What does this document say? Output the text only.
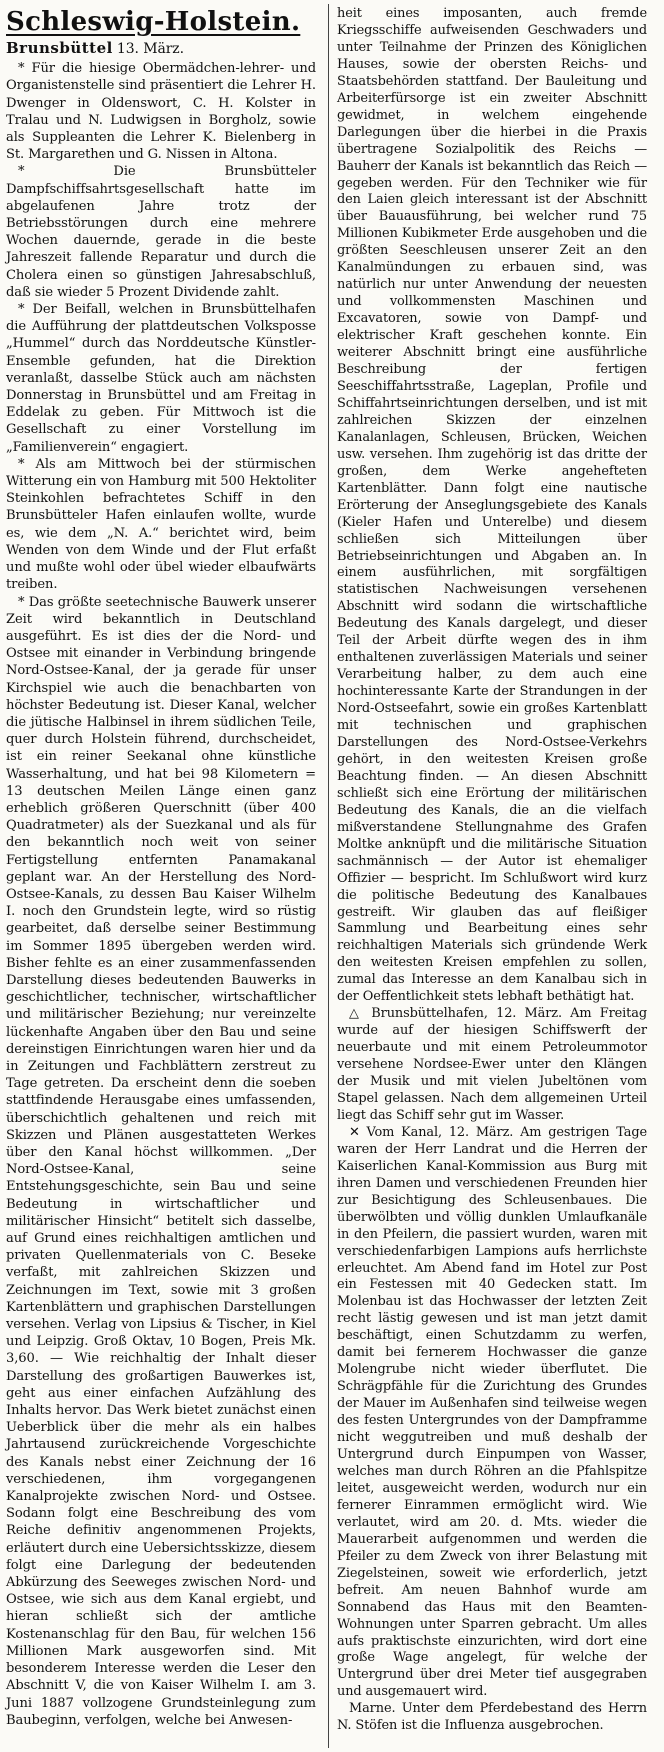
Schleswig-Holstein.
Brunsbüttel 13. März.

* Für die hiesige Obermädchen-lehrer- und Organistenstelle sind präsentiert die Lehrer H. Dwenger in Oldenswort, C. H. Kolster in Tralau und N. Ludwigsen in Borgholz, sowie als Suppleanten die Lehrer K. Bielenberg in St. Margarethen und G. Nissen in Altona.

* Die Brunsbütteler Dampfschiffsahrtsgesellschaft hatte im abgelaufenen Jahre trotz der Betriebsstörungen durch eine mehrere Wochen dauernde, gerade in die beste Jahreszeit fallende Reparatur und durch die Cholera einen so günstigen Jahresabschluß, daß sie wieder 5 Prozent Dividende zahlt.

* Der Beifall, welchen in Brunsbüttelhafen die Aufführung der plattdeutschen Volksposse „Hummel“ durch das Norddeutsche Künstler-Ensemble gefunden, hat die Direktion veranlaßt, dasselbe Stück auch am nächsten Donnerstag in Brunsbüttel und am Freitag in Eddelak zu geben. Für Mittwoch ist die Gesellschaft zu einer Vorstellung im „Familienverein“ engagiert.

* Als am Mittwoch bei der stürmischen Witterung ein von Hamburg mit 500 Hektoliter Steinkohlen befrachtetes Schiff in den Brunsbütteler Hafen einlaufen wollte, wurde es, wie dem „N. A.“ berichtet wird, beim Wenden von dem Winde und der Flut erfaßt und mußte wohl oder übel wieder elbaufwärts treiben.

* Das größte seetechnische Bauwerk unserer Zeit wird bekanntlich in Deutschland ausgeführt. Es ist dies der die Nord- und Ostsee mit einander in Verbindung bringende Nord-Ostsee-Kanal, der ja gerade für unser Kirchspiel wie auch die benachbarten von höchster Bedeutung ist. Dieser Kanal, welcher die jütische Halbinsel in ihrem südlichen Teile, quer durch Holstein führend, durchscheidet, ist ein reiner Seekanal ohne künstliche Wasserhaltung, und hat bei 98 Kilometern = 13 deutschen Meilen Länge einen ganz erheblich größeren Querschnitt (über 400 Quadratmeter) als der Suezkanal und als für den bekanntlich noch weit von seiner Fertigstellung entfernten Panamakanal geplant war. An der Herstellung des Nord-Ostsee-Kanals, zu dessen Bau Kaiser Wilhelm I. noch den Grundstein legte, wird so rüstig gearbeitet, daß derselbe seiner Bestimmung im Sommer 1895 übergeben werden wird. Bisher fehlte es an einer zusammenfassenden Darstellung dieses bedeutenden Bauwerks in geschichtlicher, technischer, wirtschaftlicher und militärischer Beziehung; nur vereinzelte lückenhafte Angaben über den Bau und seine dereinstigen Einrichtungen waren hier und da in Zeitungen und Fachblättern zerstreut zu Tage getreten. Da erscheint denn die soeben stattfindende Herausgabe eines umfassenden, überschichtlich gehaltenen und reich mit Skizzen und Plänen ausgestatteten Werkes über den Kanal höchst willkommen. „Der Nord-Ostsee-Kanal, seine Entstehungsgeschichte, sein Bau und seine Bedeutung in wirtschaftlicher und militärischer Hinsicht“ betitelt sich dasselbe, auf Grund eines reichhaltigen amtlichen und privaten Quellenmaterials von C. Beseke verfaßt, mit zahlreichen Skizzen und Zeichnungen im Text, sowie mit 3 großen Kartenblättern und graphischen Darstellungen versehen. Verlag von Lipsius & Tischer, in Kiel und Leipzig. Groß Oktav, 10 Bogen, Preis Mk. 3,60. — Wie reichhaltig der Inhalt dieser Darstellung des großartigen Bauwerkes ist, geht aus einer einfachen Aufzählung des Inhalts hervor. Das Werk bietet zunächst einen Ueberblick über die mehr als ein halbes Jahrtausend zurückreichende Vorgeschichte des Kanals nebst einer Zeichnung der 16 verschiedenen, ihm vorgegangenen Kanalprojekte zwischen Nord- und Ostsee. Sodann folgt eine Beschreibung des vom Reiche definitiv angenommenen Projekts, erläutert durch eine Uebersichtsskizze, diesem folgt eine Darlegung der bedeutenden Abkürzung des Seeweges zwischen Nord- und Ostsee, wie sich aus dem Kanal ergiebt, und hieran schließt sich der amtliche Kostenanschlag für den Bau, für welchen 156 Millionen Mark ausgeworfen sind. Mit besonderem Interesse werden die Leser den Abschnitt V, die von Kaiser Wilhelm I. am 3. Juni 1887 vollzogene Grundsteinlegung zum Baubeginn, verfolgen, welche bei Anwesen-

heit eines imposanten, auch fremde Kriegsschiffe aufweisenden Geschwaders und unter Teilnahme der Prinzen des Königlichen Hauses, sowie der obersten Reichs- und Staatsbehörden stattfand. Der Bauleitung und Arbeiterfürsorge ist ein zweiter Abschnitt gewidmet, in welchem eingehende Darlegungen über die hierbei in die Praxis übertragene Sozialpolitik des Reichs — Bauherr der Kanals ist bekanntlich das Reich — gegeben werden. Für den Techniker wie für den Laien gleich interessant ist der Abschnitt über Bauausführung, bei welcher rund 75 Millionen Kubikmeter Erde ausgehoben und die größten Seeschleusen unserer Zeit an den Kanalmündungen zu erbauen sind, was natürlich nur unter Anwendung der neuesten und vollkommensten Maschinen und Excavatoren, sowie von Dampf- und elektrischer Kraft geschehen konnte. Ein weiterer Abschnitt bringt eine ausführliche Beschreibung der fertigen Seeschiffahrtsstraße, Lageplan, Profile und Schiffahrtseinrichtungen derselben, und ist mit zahlreichen Skizzen der einzelnen Kanalanlagen, Schleusen, Brücken, Weichen usw. versehen. Ihm zugehörig ist das dritte der großen, dem Werke angehefteten Kartenblätter. Dann folgt eine nautische Erörterung der Anseglungsgebiete des Kanals (Kieler Hafen und Unterelbe) und diesem schließen sich Mitteilungen über Betriebseinrichtungen und Abgaben an. In einem ausführlichen, mit sorgfältigen statistischen Nachweisungen versehenen Abschnitt wird sodann die wirtschaftliche Bedeutung des Kanals dargelegt, und dieser Teil der Arbeit dürfte wegen des in ihm enthaltenen zuverlässigen Materials und seiner Verarbeitung halber, zu dem auch eine hochinteressante Karte der Strandungen in der Nord-Ostseefahrt, sowie ein großes Kartenblatt mit technischen und graphischen Darstellungen des Nord-Ostsee-Verkehrs gehört, in den weitesten Kreisen große Beachtung finden. — An diesen Abschnitt schließt sich eine Erörtung der militärischen Bedeutung des Kanals, die an die vielfach mißverstandene Stellungnahme des Grafen Moltke anknüpft und die militärische Situation sachmännisch — der Autor ist ehemaliger Offizier — bespricht. Im Schlußwort wird kurz die politische Bedeutung des Kanalbaues gestreift. Wir glauben das auf fleißiger Sammlung und Bearbeitung eines sehr reichhaltigen Materials sich gründende Werk den weitesten Kreisen empfehlen zu sollen, zumal das Interesse an dem Kanalbau sich in der Oeffentlichkeit stets lebhaft bethätigt hat.

△ Brunsbüttelhafen, 12. März. Am Freitag wurde auf der hiesigen Schiffswerft der neuerbaute und mit einem Petroleummotor versehene Nordsee-Ewer unter den Klängen der Musik und mit vielen Jubeltönen vom Stapel gelassen. Nach dem allgemeinen Urteil liegt das Schiff sehr gut im Wasser.

✕ Vom Kanal, 12. März. Am gestrigen Tage waren der Herr Landrat und die Herren der Kaiserlichen Kanal-Kommission aus Burg mit ihren Damen und verschiedenen Freunden hier zur Besichtigung des Schleusenbaues. Die überwölbten und völlig dunklen Umlaufkanäle in den Pfeilern, die passiert wurden, waren mit verschiedenfarbigen Lampions aufs herrlichste erleuchtet. Am Abend fand im Hotel zur Post ein Festessen mit 40 Gedecken statt. Im Molenbau ist das Hochwasser der letzten Zeit recht lästig gewesen und ist man jetzt damit beschäftigt, einen Schutzdamm zu werfen, damit bei fernerem Hochwasser die ganze Molengrube nicht wieder überflutet. Die Schrägpfähle für die Zurichtung des Grundes der Mauer im Außenhafen sind teilweise wegen des festen Untergrundes von der Dampframme nicht weggutreiben und muß deshalb der Untergrund durch Einpumpen von Wasser, welches man durch Röhren an die Pfahlspitze leitet, ausgeweicht werden, wodurch nur ein fernerer Einrammen ermöglicht wird. Wie verlautet, wird am 20. d. Mts. wieder die Mauerarbeit aufgenommen und werden die Pfeiler zu dem Zweck von ihrer Belastung mit Ziegelsteinen, soweit wie erforderlich, jetzt befreit. Am neuen Bahnhof wurde am Sonnabend das Haus mit den Beamten-Wohnungen unter Sparren gebracht. Um alles aufs praktischste einzurichten, wird dort eine große Wage angelegt, für welche der Untergrund über drei Meter tief ausgegraben und ausgemauert wird.

Marne. Unter dem Pferdebestand des Herrn N. Stöfen ist die Influenza ausgebrochen.
